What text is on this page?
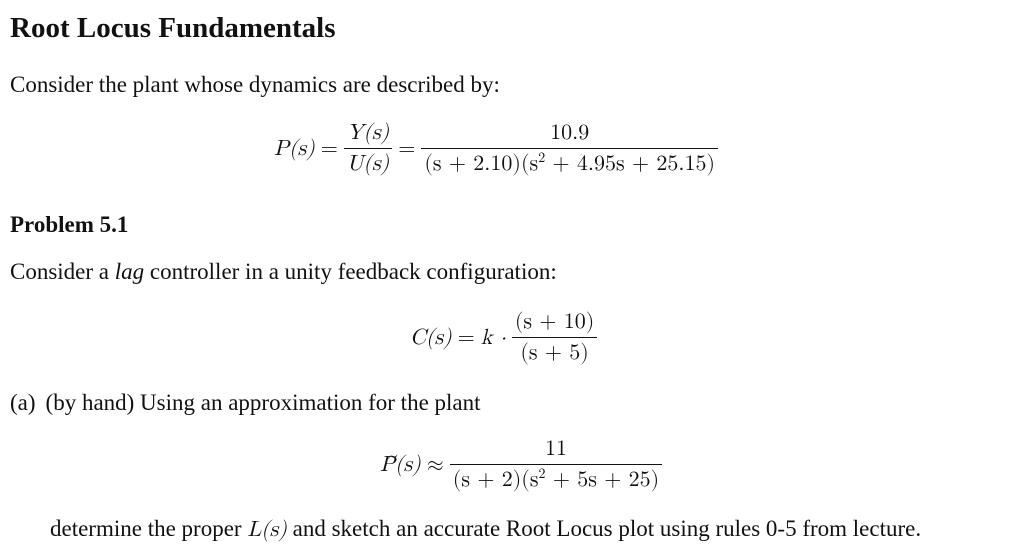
Root Locus Fundamentals
Consider the plant whose dynamics are described by:
$P(s) = \frac{Y(s)}{U(s)} = \frac{10.9}{(s + 2.10)(s^2 + 4.95s + 25.15)}$
Problem 5.1
Consider a lag controller in a unity feedback configuration:
$C(s) = k \cdot \frac{(s + 10)}{(s + 5)}$
(a) (by hand) Using an approximation for the plant
P̃(s) ≈ $\frac{11}{(s + 2)(s^2 + 5s + 25)}$
determine the proper L(s) and sketch an accurate Root Locus plot using rules 0-5 from lecture.
